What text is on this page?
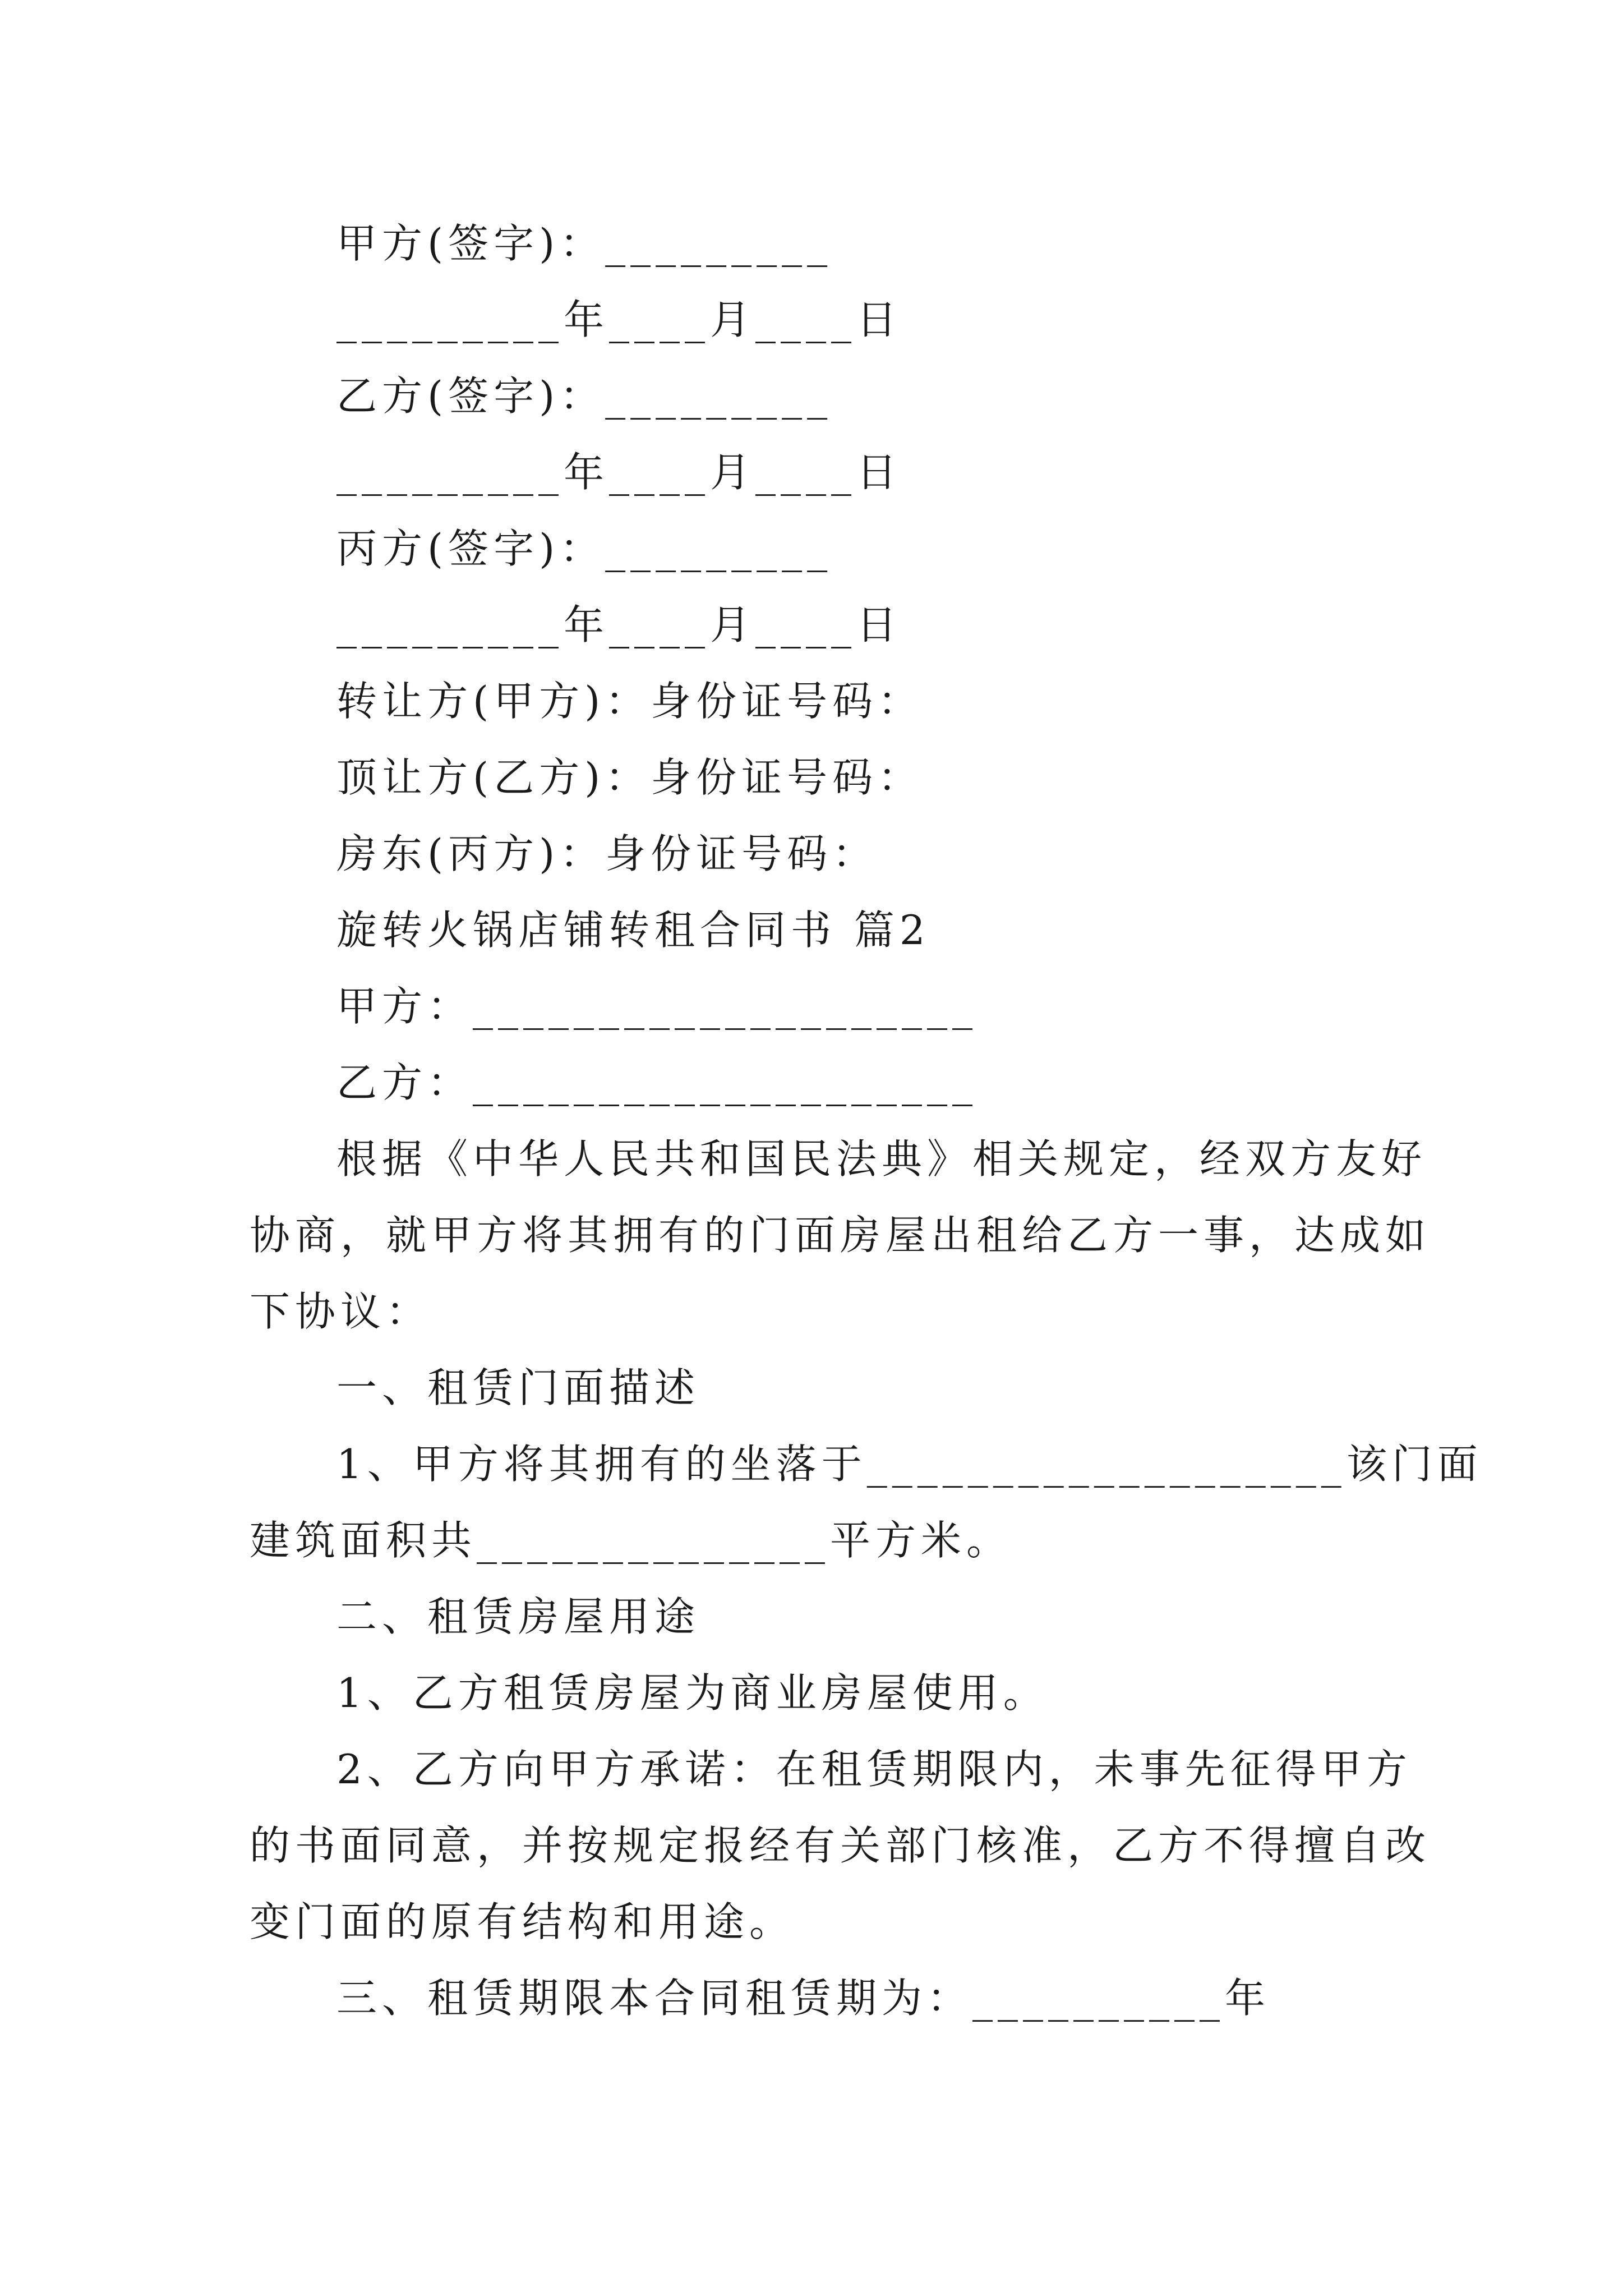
甲方(签字)：_________
_________年____月____日
乙方(签字)：_________
_________年____月____日
丙方(签字)：_________
_________年____月____日
转让方(甲方)：身份证号码：
顶让方(乙方)：身份证号码：
房东(丙方)：身份证号码：
旋转火锅店铺转租合同书 篇2
甲方：____________________
乙方：____________________
根据《中华人民共和国民法典》相关规定，经双方友好
协商，就甲方将其拥有的门面房屋出租给乙方一事，达成如
下协议：
一、租赁门面描述
1、甲方将其拥有的坐落于___________________该门面
建筑面积共______________平方米。
二、租赁房屋用途
1、乙方租赁房屋为商业房屋使用。
2、乙方向甲方承诺：在租赁期限内，未事先征得甲方
的书面同意，并按规定报经有关部门核准，乙方不得擅自改
变门面的原有结构和用途。
三、租赁期限本合同租赁期为：__________年
